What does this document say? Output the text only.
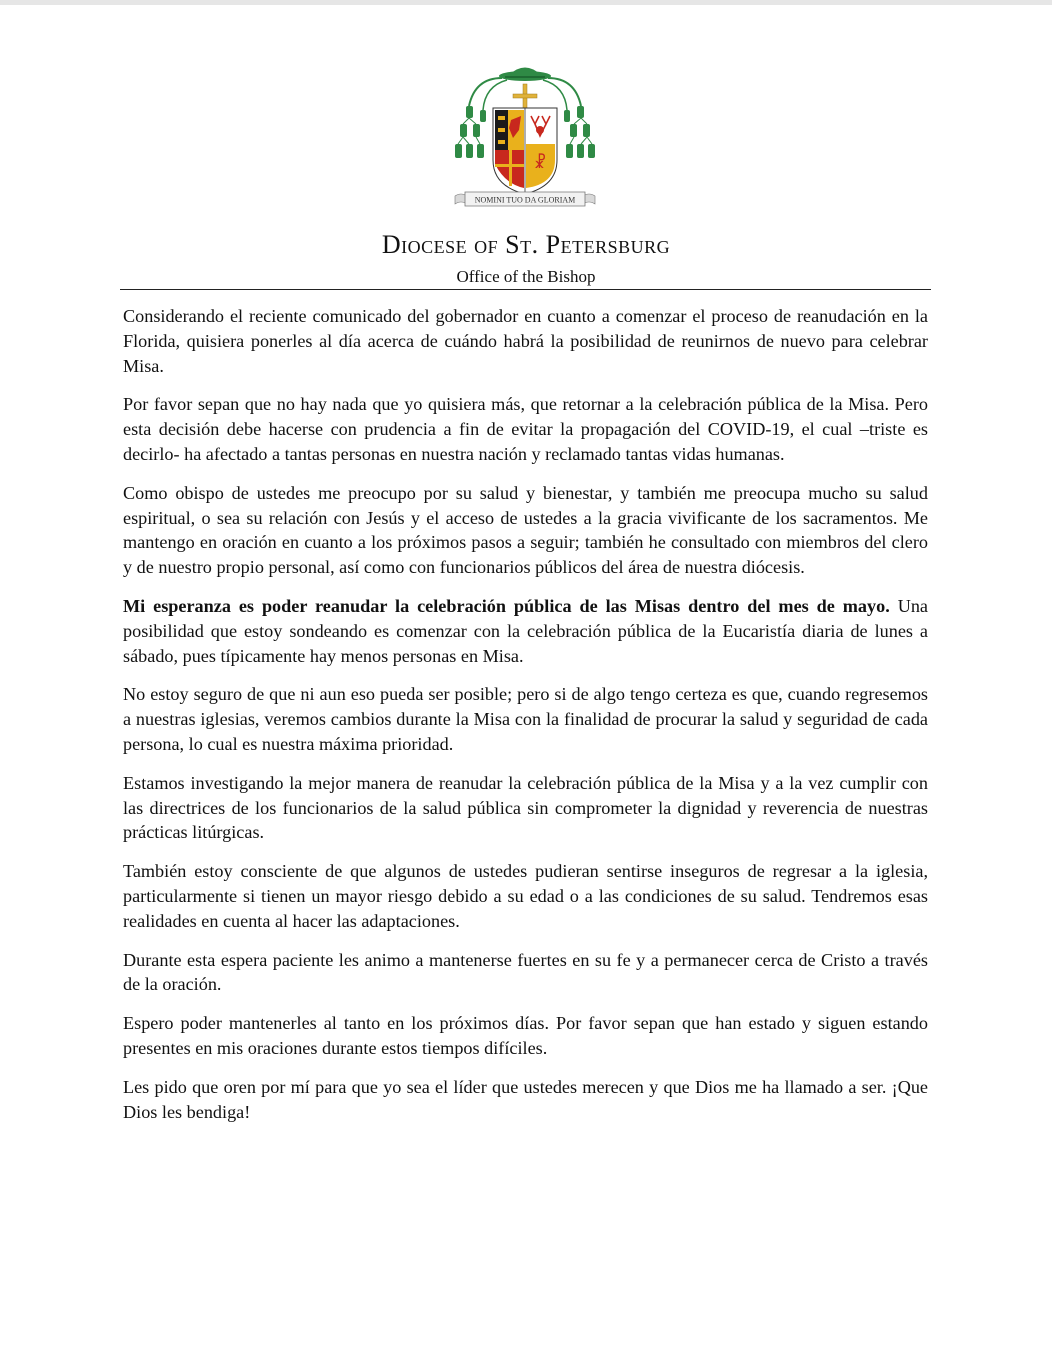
☧
NOMINI TUO DA GLORIAM
Diocese of St. Petersburg
Office of the Bishop

Considerando el reciente comunicado del gobernador en cuanto a comenzar el proceso de reanudación en la Florida, quisiera ponerles al día acerca de cuándo habrá la posibilidad de reunirnos de nuevo para celebrar Misa.

Por favor sepan que no hay nada que yo quisiera más, que retornar a la celebración pública de la Misa. Pero esta decisión debe hacerse con prudencia a fin de evitar la propagación del COVID-19, el cual –triste es decirlo- ha afectado a tantas personas en nuestra nación y reclamado tantas vidas humanas.

Como obispo de ustedes me preocupo por su salud y bienestar, y también me preocupa mucho su salud espiritual, o sea su relación con Jesús y el acceso de ustedes a la gracia vivificante de los sacramentos. Me mantengo en oración en cuanto a los próximos pasos a seguir; también he consultado con miembros del clero y de nuestro propio personal, así como con funcionarios públicos del área de nuestra diócesis.

Mi esperanza es poder reanudar la celebración pública de las Misas dentro del mes de mayo. Una posibilidad que estoy sondeando es comenzar con la celebración pública de la Eucaristía diaria de lunes a sábado, pues típicamente hay menos personas en Misa.

No estoy seguro de que ni aun eso pueda ser posible; pero si de algo tengo certeza es que, cuando regresemos a nuestras iglesias, veremos cambios durante la Misa con la finalidad de procurar la salud y seguridad de cada persona, lo cual es nuestra máxima prioridad.

Estamos investigando la mejor manera de reanudar la celebración pública de la Misa y a la vez cumplir con las directrices de los funcionarios de la salud pública sin comprometer la dignidad y reverencia de nuestras prácticas litúrgicas.

También estoy consciente de que algunos de ustedes pudieran sentirse inseguros de regresar a la iglesia, particularmente si tienen un mayor riesgo debido a su edad o a las condiciones de su salud. Tendremos esas realidades en cuenta al hacer las adaptaciones.

Durante esta espera paciente les animo a mantenerse fuertes en su fe y a permanecer cerca de Cristo a través de la oración.

Espero poder mantenerles al tanto en los próximos días. Por favor sepan que han estado y siguen estando presentes en mis oraciones durante estos tiempos difíciles.

Les pido que oren por mí para que yo sea el líder que ustedes merecen y que Dios me ha llamado a ser. ¡Que Dios les bendiga!
